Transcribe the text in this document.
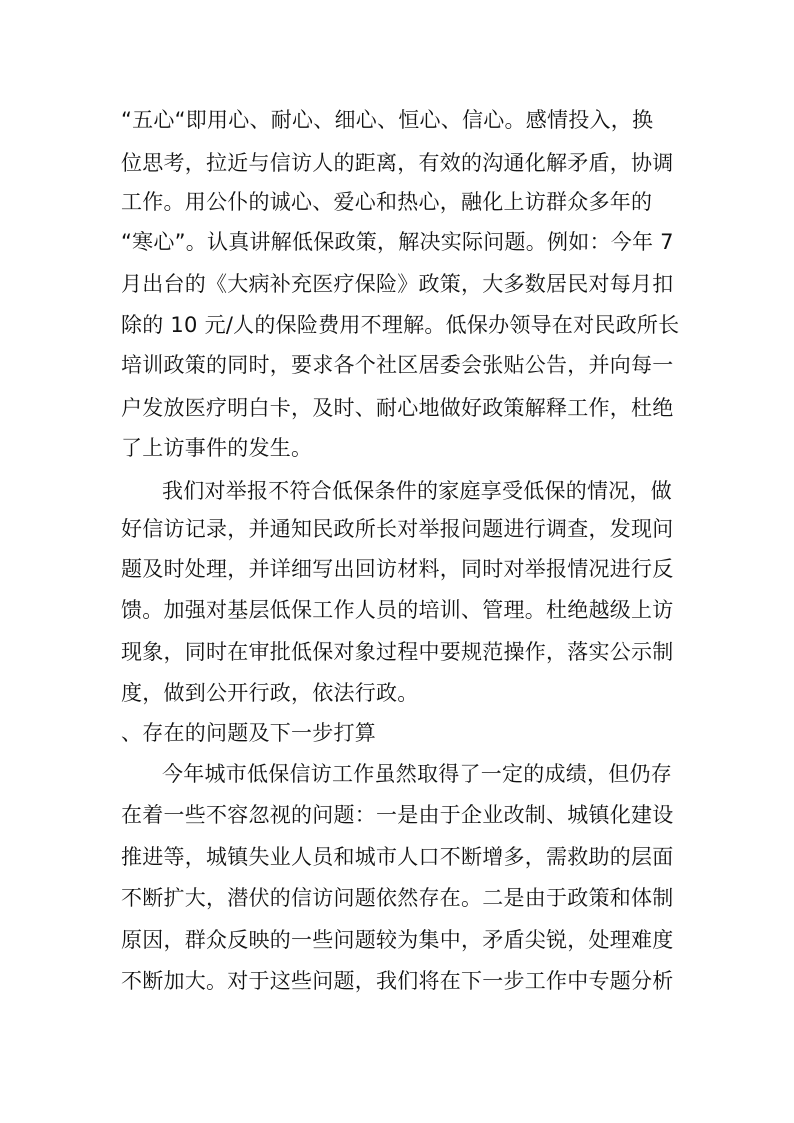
“五心“即用心、耐心、细心、恒心、信心。感情投入，换
位思考，拉近与信访人的距离，有效的沟通化解矛盾，协调
工作。用公仆的诚心、爱心和热心，融化上访群众多年的
“寒心”。认真讲解低保政策，解决实际问题。例如：今年 7
月出台的《大病补充医疗保险》政策，大多数居民对每月扣
除的 10 元/人的保险费用不理解。低保办领导在对民政所长
培训政策的同时，要求各个社区居委会张贴公告，并向每一
户发放医疗明白卡，及时、耐心地做好政策解释工作，杜绝
了上访事件的发生。
我们对举报不符合低保条件的家庭享受低保的情况，做
好信访记录，并通知民政所长对举报问题进行调查，发现问
题及时处理，并详细写出回访材料，同时对举报情况进行反
馈。加强对基层低保工作人员的培训、管理。杜绝越级上访
现象，同时在审批低保对象过程中要规范操作，落实公示制
度，做到公开行政，依法行政。
、存在的问题及下一步打算
今年城市低保信访工作虽然取得了一定的成绩，但仍存
在着一些不容忽视的问题：一是由于企业改制、城镇化建设
推进等，城镇失业人员和城市人口不断增多，需救助的层面
不断扩大，潜伏的信访问题依然存在。二是由于政策和体制
原因，群众反映的一些问题较为集中，矛盾尖锐，处理难度
不断加大。对于这些问题，我们将在下一步工作中专题分析
